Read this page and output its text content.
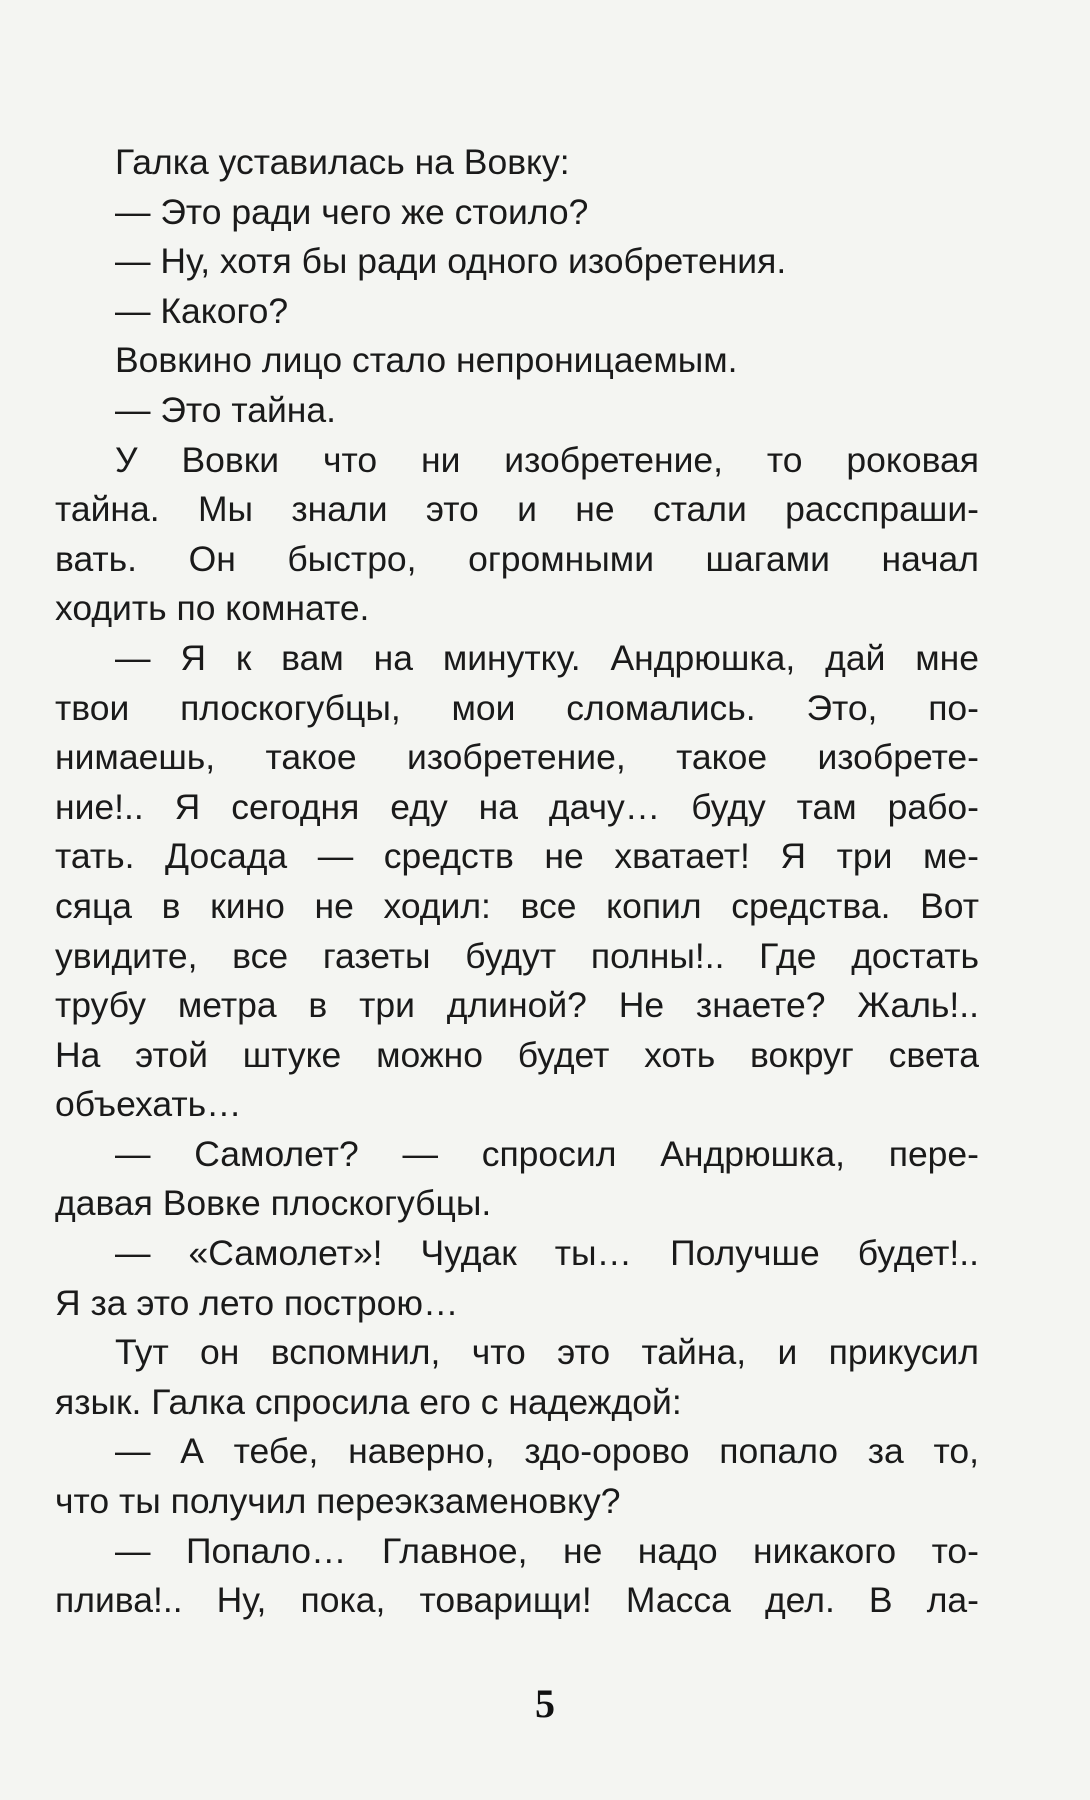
Галка уставилась на Вовку:
— Это ради чего же стоило?
— Ну, хотя бы ради одного изобретения.
— Какого?
Вовкино лицо стало непроницаемым.
— Это тайна.
У Вовки что ни изобретение, то роковая
тайна. Мы знали это и не стали расспраши-
вать. Он быстро, огромными шагами начал
ходить по комнате.
— Я к вам на минутку. Андрюшка, дай мне
твои плоскогубцы, мои сломались. Это, по-
нимаешь, такое изобретение, такое изобрете-
ние!.. Я сегодня еду на дачу… буду там рабо-
тать. Досада — средств не хватает! Я три ме-
сяца в кино не ходил: все копил средства. Вот
увидите, все газеты будут полны!.. Где достать
трубу метра в три длиной? Не знаете? Жаль!..
На этой штуке можно будет хоть вокруг света
объехать…
— Самолет? — спросил Андрюшка, пере-
давая Вовке плоскогубцы.
— «Самолет»! Чудак ты… Получше будет!..
Я за это лето построю…
Тут он вспомнил, что это тайна, и прикусил
язык. Галка спросила его с надеждой:
— А тебе, наверно, здо-орово попало за то,
что ты получил переэкзаменовку?
— Попало… Главное, не надо никакого то-
плива!.. Ну, пока, товарищи! Масса дел. В ла-
5
